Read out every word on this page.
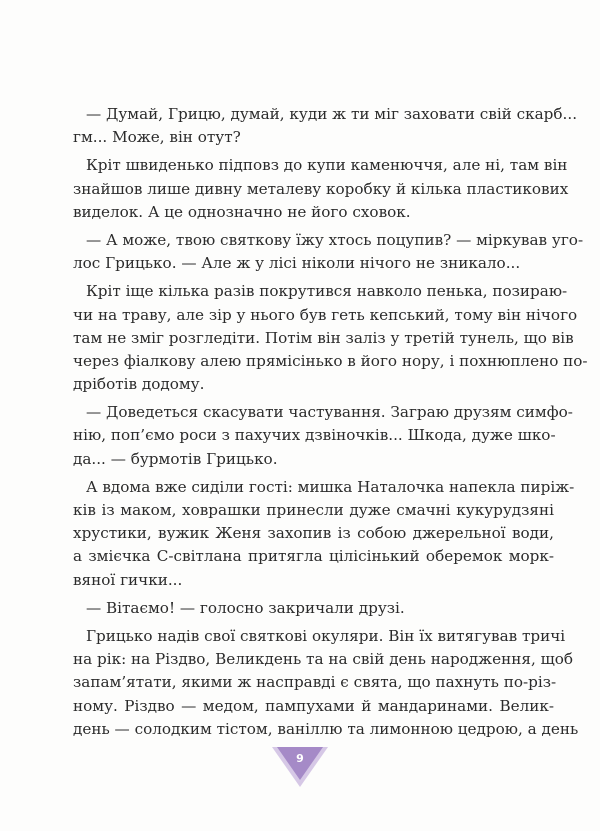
— Думай, Грицю, думай, куди ж ти міг заховати свій скарб...
гм... Може, він отут?
Кріт швиденько підповз до купи каменюччя, але ні, там він
знайшов лише дивну металеву коробку й кілька пластикових
виделок. А це однозначно не його сховок.
— А може, твою святкову їжу хтось поцупив? — міркував уго-
лос Грицько. — Але ж у лісі ніколи нічого не зникало...
Кріт іще кілька разів покрутився навколо пенька, позираю-
чи на траву, але зір у нього був геть кепський, тому він нічого
там не зміг розгледіти. Потім він заліз у третій тунель, що вів
через фіалкову алею прямісінько в його нору, і похнюплено по-
дріботів додому.
— Доведеться скасувати частування. Заграю друзям симфо-
нію, поп’ємо роси з пахучих дзвіночків... Шкода, дуже шко-
да... — бурмотів Грицько.
А вдома вже сиділи гості: мишка Наталочка напекла пиріж-
ків із маком, ховрашки принесли дуже смачні кукурудзяні
хрустики, вужик Женя захопив із собою джерельної води,
а змієчка С-світлана притягла цілісінький оберемок морк-
вяної гички...
— Вітаємо! — голосно закричали друзі.
Грицько надів свої святкові окуляри. Він їх витягував тричі
на рік: на Різдво, Великдень та на свій день народження, щоб
запам’ятати, якими ж насправді є свята, що пахнуть по-різ-
ному. Різдво — медом, пампухами й мандаринами. Велик-
день — солодким тістом, ваніллю та лимонною цедрою, а день
9
